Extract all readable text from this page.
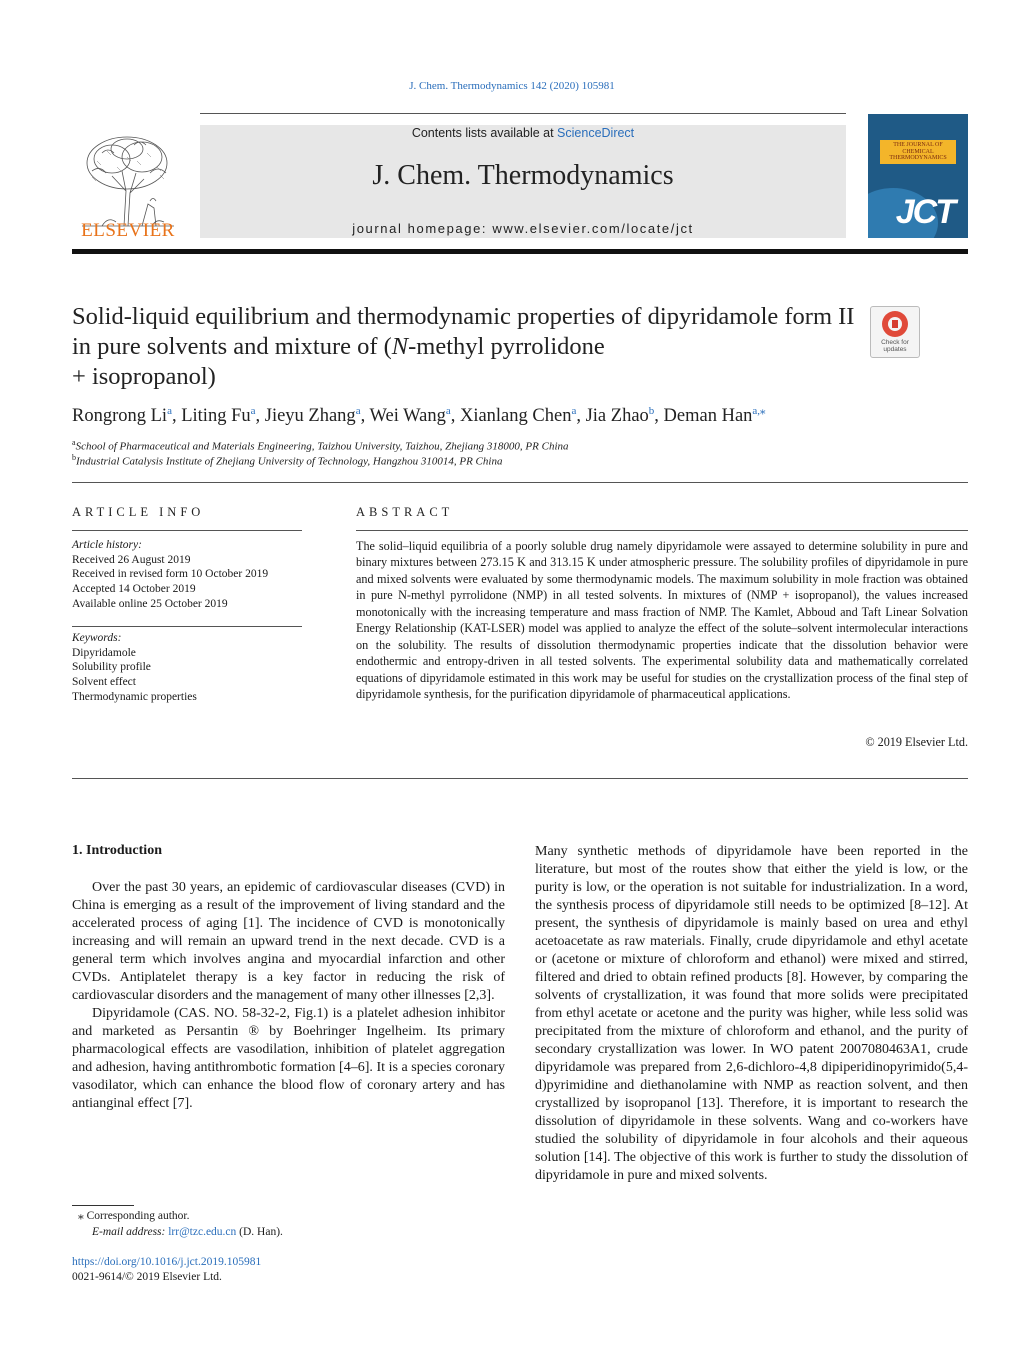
J. Chem. Thermodynamics 142 (2020) 105981
ELSEVIER
Contents lists available at ScienceDirect
J. Chem. Thermodynamics
journal homepage: www.elsevier.com/locate/jct
THE JOURNAL OF CHEMICAL THERMODYNAMICS
JCT
Solid-liquid equilibrium and thermodynamic properties of dipyridamole form II in pure solvents and mixture of (N-methyl pyrrolidone
+ isopropanol)
Check for updates
Rongrong Li$^a$, Liting Fu$^a$, Jieyu Zhang$^a$, Wei Wang$^a$, Xianlang Chen$^a$, Jia Zhao$^b$, Deman Han$^{a,⁎}$
$^a$School of Pharmaceutical and Materials Engineering, Taizhou University, Taizhou, Zhejiang 318000, PR China
$^b$Industrial Catalysis Institute of Zhejiang University of Technology, Hangzhou 310014, PR China
ARTICLE INFO	ABSTRACT
Article history:
Received 26 August 2019
Received in revised form 10 October 2019
Accepted 14 October 2019
Available online 25 October 2019
Keywords:
Dipyridamole
Solubility profile
Solvent effect
Thermodynamic properties
The solid–liquid equilibria of a poorly soluble drug namely dipyridamole were assayed to determine solubility in pure and binary mixtures between 273.15 K and 313.15 K under atmospheric pressure. The solubility profiles of dipyridamole in pure and mixed solvents were evaluated by some thermodynamic models. The maximum solubility in mole fraction was obtained in pure N-methyl pyrrolidone (NMP) in all tested solvents. In mixtures of (NMP + isopropanol), the values increased monotonically with the increasing temperature and mass fraction of NMP. The Kamlet, Abboud and Taft Linear Solvation Energy Relationship (KAT-LSER) model was applied to analyze the effect of the solute–solvent intermolecular interactions on the solubility. The results of dissolution thermodynamic properties indicate that the dissolution behavior were endothermic and entropy-driven in all tested solvents. The experimental solubility data and mathematically correlated equations of dipyridamole estimated in this work may be useful for studies on the crystallization process of the final step of dipyridamole synthesis, for the purification dipyridamole of pharmaceutical applications.
© 2019 Elsevier Ltd.
1. Introduction

Over the past 30 years, an epidemic of cardiovascular diseases (CVD) in China is emerging as a result of the improvement of living standard and the accelerated process of aging [1]. The incidence of CVD is monotonically increasing and will remain an upward trend in the next decade. CVD is a general term which involves angina and myocardial infarction and other CVDs. Antiplatelet therapy is a key factor in reducing the risk of cardiovascular disorders and the management of many other illnesses [2,3].

Dipyridamole (CAS. NO. 58-32-2, Fig.1) is a platelet adhesion inhibitor and marketed as Persantin ® by Boehringer Ingelheim. Its primary pharmacological effects are vasodilation, inhibition of platelet aggregation and adhesion, having antithrombotic formation [4–6]. It is a species coronary vasodilator, which can enhance the blood flow of coronary artery and has antianginal effect [7].

Many synthetic methods of dipyridamole have been reported in the literature, but most of the routes show that either the yield is low, or the purity is low, or the operation is not suitable for industrialization. In a word, the synthesis process of dipyridamole still needs to be optimized [8–12]. At present, the synthesis of dipyridamole is mainly based on urea and ethyl acetoacetate as raw materials. Finally, crude dipyridamole and ethyl acetate or (acetone or mixture of chloroform and ethanol) were mixed and stirred, filtered and dried to obtain refined products [8]. However, by comparing the solvents of crystallization, it was found that more solids were precipitated from ethyl acetate or acetone and the purity was higher, while less solid was precipitated from the mixture of chloroform and ethanol, and the purity of secondary crystallization was lower. In WO patent 2007080463A1, crude dipyridamole was prepared from 2,6-dichloro-4,8 dipiperidinopyrimido(5,4-d)pyrimidine and diethanolamine with NMP as reaction solvent, and then crystallized by isopropanol [13]. Therefore, it is important to research the dissolution of dipyridamole in these solvents. Wang and co-workers have studied the solubility of dipyridamole in four alcohols and their aqueous solution [14]. The objective of this work is further to study the dissolution of dipyridamole in pure and mixed solvents.

⁎ Corresponding author.
E-mail address: lrr@tzc.edu.cn (D. Han).
https://doi.org/10.1016/j.jct.2019.105981
0021-9614/© 2019 Elsevier Ltd.
